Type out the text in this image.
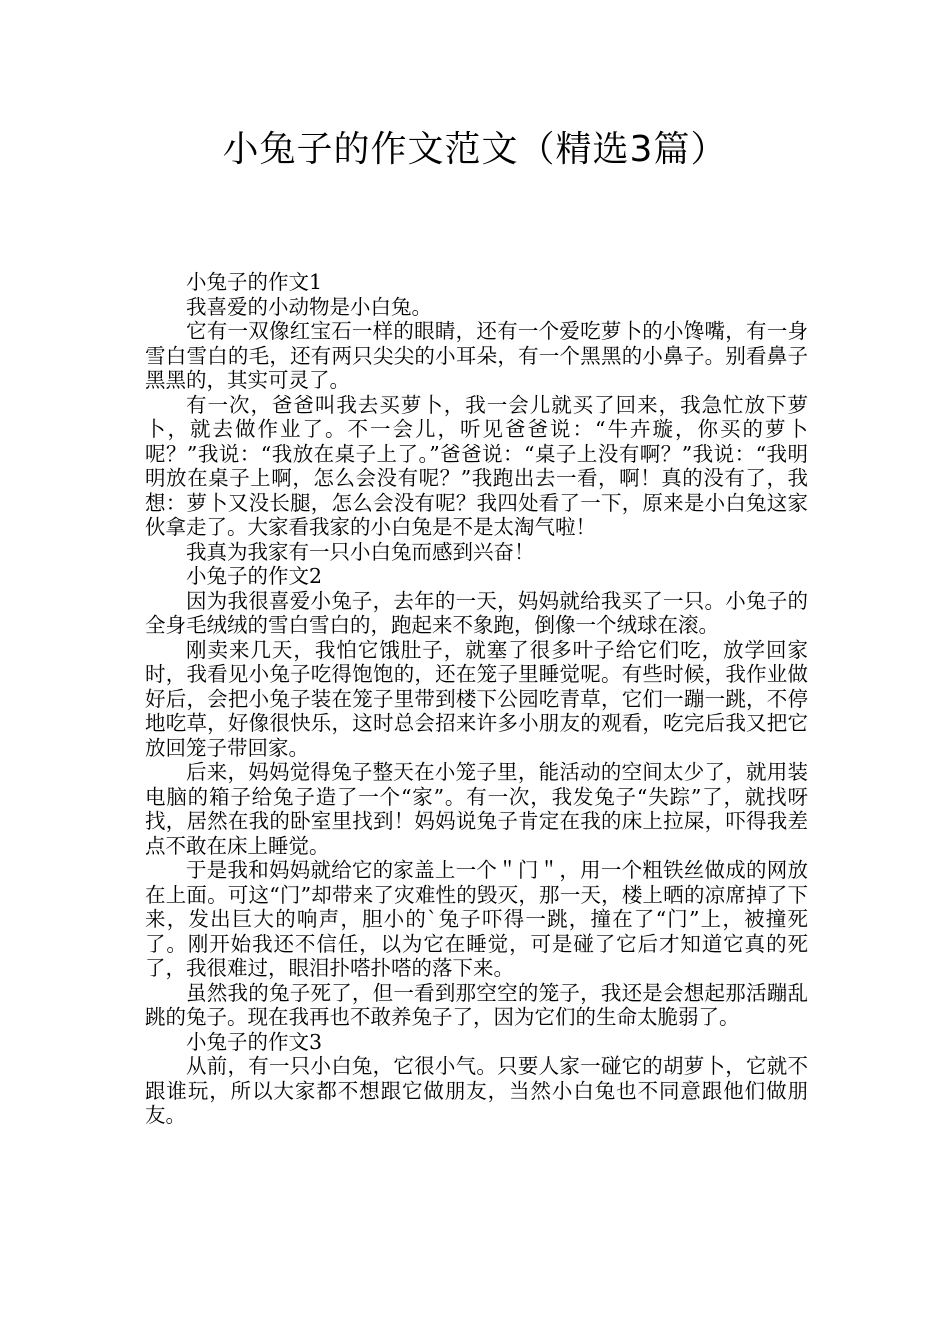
小兔子的作文范文（精选3篇）

小兔子的作文1

我喜爱的小动物是小白兔。

它有一双像红宝石一样的眼睛，还有一个爱吃萝卜的小馋嘴，有一身雪白雪白的毛，还有两只尖尖的小耳朵，有一个黑黑的小鼻子。别看鼻子黑黑的，其实可灵了。

有一次，爸爸叫我去买萝卜，我一会儿就买了回来，我急忙放下萝卜，就去做作业了。不一会儿，听见爸爸说：“牛卉璇，你买的萝卜呢？”我说：“我放在桌子上了。”爸爸说：“桌子上没有啊？”我说：“我明明放在桌子上啊，怎么会没有呢？”我跑出去一看，啊！真的没有了，我想：萝卜又没长腿，怎么会没有呢？我四处看了一下，原来是小白兔这家伙拿走了。大家看我家的小白兔是不是太淘气啦！

我真为我家有一只小白兔而感到兴奋！

小兔子的作文2

因为我很喜爱小兔子，去年的一天，妈妈就给我买了一只。小兔子的全身毛绒绒的雪白雪白的，跑起来不象跑，倒像一个绒球在滚。

刚卖来几天，我怕它饿肚子，就塞了很多叶子给它们吃，放学回家时，我看见小兔子吃得饱饱的，还在笼子里睡觉呢。有些时候，我作业做好后，会把小兔子装在笼子里带到楼下公园吃青草，它们一蹦一跳，不停地吃草，好像很快乐，这时总会招来许多小朋友的观看，吃完后我又把它放回笼子带回家。

后来，妈妈觉得兔子整天在小笼子里，能活动的空间太少了，就用装电脑的箱子给兔子造了一个“家”。有一次，我发兔子“失踪”了，就找呀找，居然在我的卧室里找到！妈妈说兔子肯定在我的床上拉屎，吓得我差点不敢在床上睡觉。

于是我和妈妈就给它的家盖上一个＂门＂，用一个粗铁丝做成的网放在上面。可这“门”却带来了灾难性的毁灭，那一天，楼上晒的凉席掉了下来，发出巨大的响声，胆小的`兔子吓得一跳，撞在了“门”上，被撞死了。刚开始我还不信任，以为它在睡觉，可是碰了它后才知道它真的死了，我很难过，眼泪扑嗒扑嗒的落下来。

虽然我的兔子死了，但一看到那空空的笼子，我还是会想起那活蹦乱跳的兔子。现在我再也不敢养兔子了，因为它们的生命太脆弱了。

小兔子的作文3

从前，有一只小白兔，它很小气。只要人家一碰它的胡萝卜，它就不跟谁玩，所以大家都不想跟它做朋友，当然小白兔也不同意跟他们做朋友。
